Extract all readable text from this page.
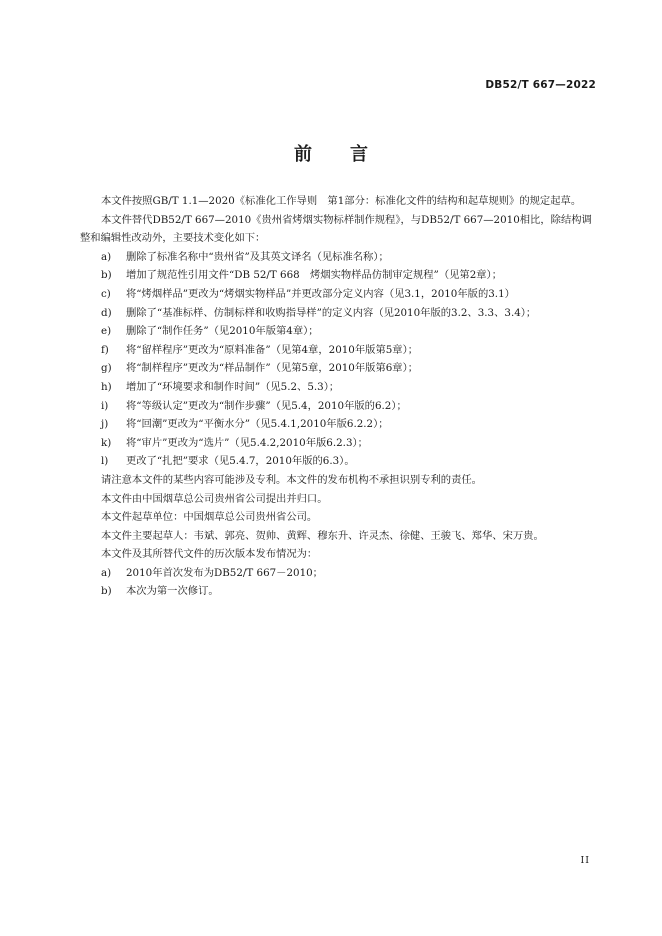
DB52/T 667—2022
前言

本文件按照GB/T 1.1—2020《标准化工作导则　第1部分：标准化文件的结构和起草规则》的规定起草。

本文件替代DB52/T 667—2010《贵州省烤烟实物标样制作规程》，与DB52/T 667—2010相比，除结构调整和编辑性改动外，主要技术变化如下：

a) 删除了标准名称中“贵州省”及其英文译名（见标准名称）；

b) 增加了规范性引用文件“DB 52/T 668　烤烟实物样品仿制审定规程”（见第2章）；

c) 将“烤烟样品”更改为“烤烟实物样品”并更改部分定义内容（见3.1，2010年版的3.1）

d) 删除了“基准标样、仿制标样和收购指导样”的定义内容（见2010年版的3.2、3.3、3.4）；

e) 删除了“制作任务”（见2010年版第4章）；

f) 将“留样程序”更改为“原料准备”（见第4章，2010年版第5章）；

g) 将“制样程序”更改为“样品制作”（见第5章，2010年版第6章）；

h) 增加了“环境要求和制作时间”（见5.2、5.3）；

i) 将“等级认定”更改为“制作步骤”（见5.4，2010年版的6.2）；

j) 将“回潮”更改为“平衡水分”（见5.4.1,2010年版6.2.2）；

k) 将“审片”更改为“选片”（见5.4.2,2010年版6.2.3）；

l) 更改了“扎把”要求（见5.4.7，2010年版的6.3）。

请注意本文件的某些内容可能涉及专利。本文件的发布机构不承担识别专利的责任。

本文件由中国烟草总公司贵州省公司提出并归口。

本文件起草单位：中国烟草总公司贵州省公司。

本文件主要起草人：韦斌、郭亮、贺帅、黄辉、穆东升、许灵杰、徐健、王骏飞、郑华、宋万贵。

本文件及其所替代文件的历次版本发布情况为：

a) 2010年首次发布为DB52/T 667－2010；

b) 本次为第一次修订。

II
